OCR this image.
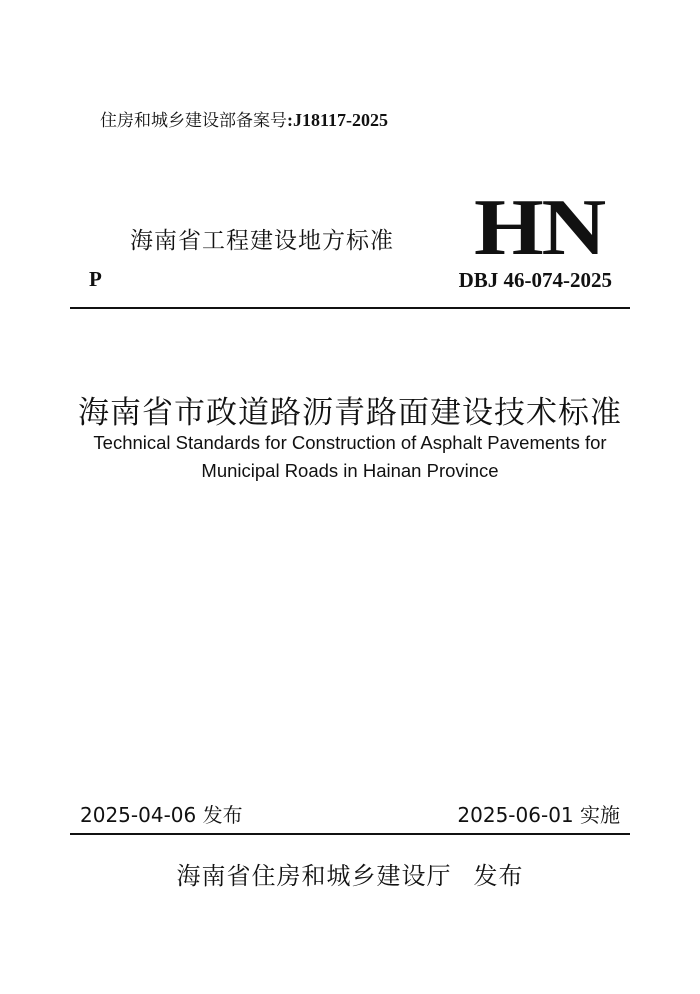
住房和城乡建设部备案号:J18117-2025
海南省工程建设地方标准 HN
P	DBJ 46-074-2025
海南省市政道路沥青路面建设技术标准
Technical Standards for Construction of Asphalt Pavements for
Municipal Roads in Hainan Province
2025-04-06 发布	2025-06-01 实施
海南省住房和城乡建设厅 发布
